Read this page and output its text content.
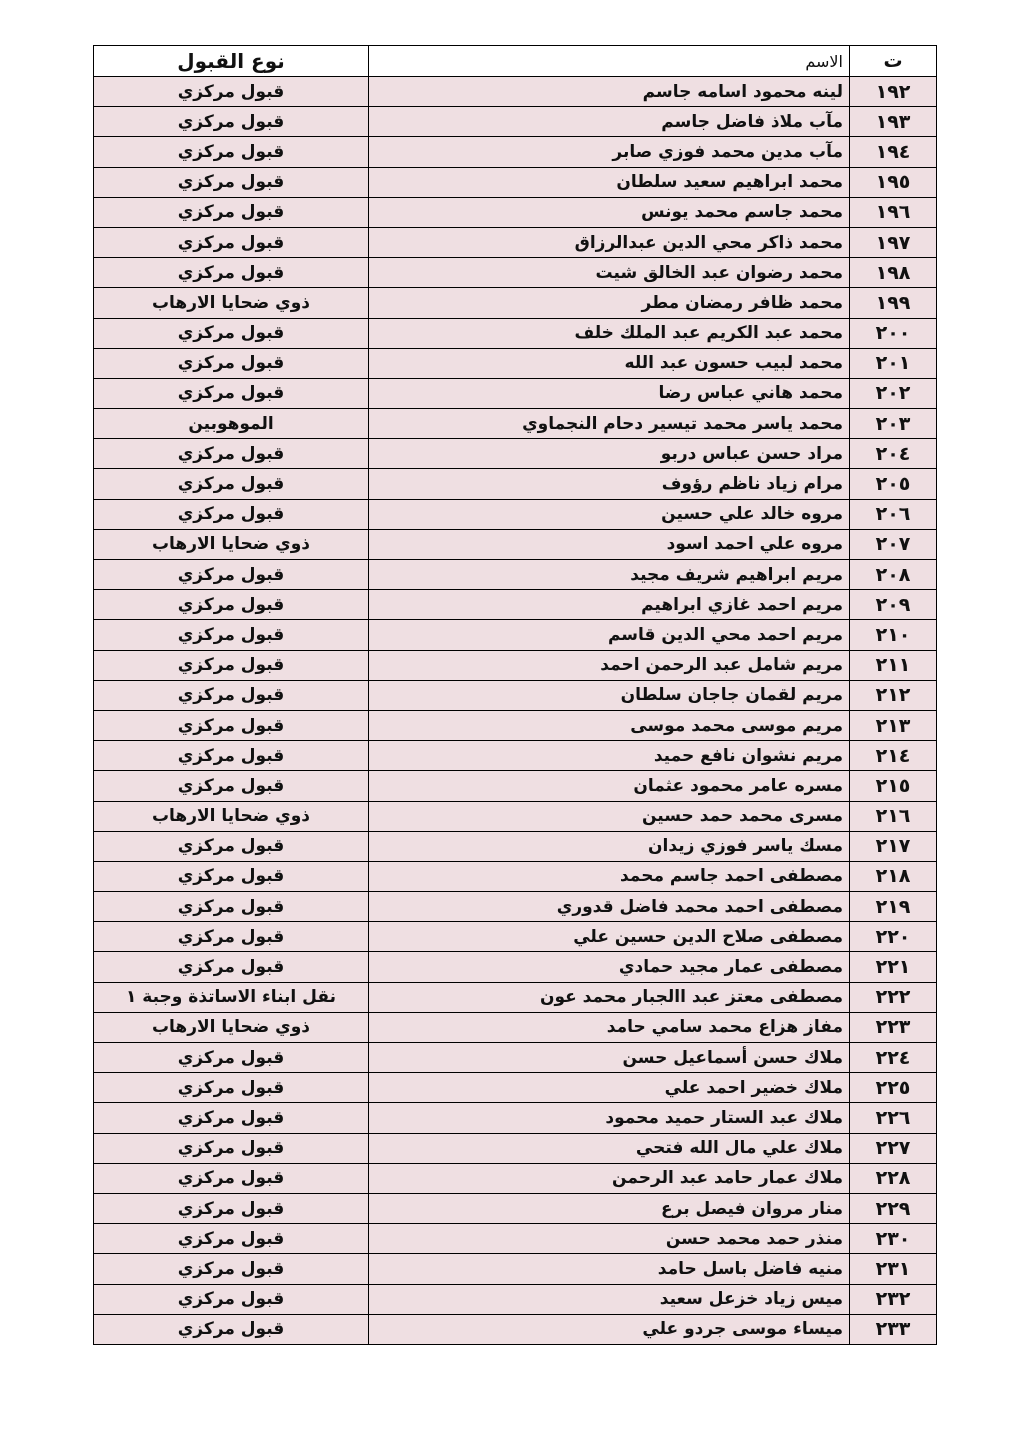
ت	الاسم	نوع القبول
١٩٢	لينه محمود اسامه جاسم	قبول مركزي
١٩٣	مآب ملاذ فاضل جاسم	قبول مركزي
١٩٤	مآب مدين محمد فوزي صابر	قبول مركزي
١٩٥	محمد ابراهيم سعيد سلطان	قبول مركزي
١٩٦	محمد جاسم محمد يونس	قبول مركزي
١٩٧	محمد ذاكر محي الدين عبدالرزاق	قبول مركزي
١٩٨	محمد رضوان عبد الخالق شيت	قبول مركزي
١٩٩	محمد ظافر رمضان مطر	ذوي ضحايا الارهاب
٢٠٠	محمد عبد الكريم عبد الملك خلف	قبول مركزي
٢٠١	محمد لبيب حسون عبد الله	قبول مركزي
٢٠٢	محمد هاني عباس رضا	قبول مركزي
٢٠٣	محمد ياسر محمد تيسير دحام النجماوي	الموهوبين
٢٠٤	مراد حسن عباس دربو	قبول مركزي
٢٠٥	مرام زياد ناظم رؤوف	قبول مركزي
٢٠٦	مروه خالد علي حسين	قبول مركزي
٢٠٧	مروه علي احمد اسود	ذوي ضحايا الارهاب
٢٠٨	مريم ابراهيم شريف مجيد	قبول مركزي
٢٠٩	مريم احمد غازي ابراهيم	قبول مركزي
٢١٠	مريم احمد محي الدين قاسم	قبول مركزي
٢١١	مريم شامل عبد الرحمن احمد	قبول مركزي
٢١٢	مريم لقمان جاجان سلطان	قبول مركزي
٢١٣	مريم موسى محمد موسى	قبول مركزي
٢١٤	مريم نشوان نافع حميد	قبول مركزي
٢١٥	مسره عامر محمود عثمان	قبول مركزي
٢١٦	مسرى محمد حمد حسين	ذوي ضحايا الارهاب
٢١٧	مسك ياسر فوزي زيدان	قبول مركزي
٢١٨	مصطفى احمد جاسم محمد	قبول مركزي
٢١٩	مصطفى احمد محمد فاضل قدوري	قبول مركزي
٢٢٠	مصطفى صلاح الدين حسين علي	قبول مركزي
٢٢١	مصطفى عمار مجيد حمادي	قبول مركزي
٢٢٢	مصطفى معتز عبد االجبار محمد عون	نقل ابناء الاساتذة وجبة ١
٢٢٣	مفاز هزاع محمد سامي حامد	ذوي ضحايا الارهاب
٢٢٤	ملاك حسن أسماعيل حسن	قبول مركزي
٢٢٥	ملاك خضير احمد علي	قبول مركزي
٢٢٦	ملاك عبد الستار حميد محمود	قبول مركزي
٢٢٧	ملاك علي مال الله فتحي	قبول مركزي
٢٢٨	ملاك عمار حامد عبد الرحمن	قبول مركزي
٢٢٩	منار مروان فيصل برع	قبول مركزي
٢٣٠	منذر حمد محمد حسن	قبول مركزي
٢٣١	منيه فاضل باسل حامد	قبول مركزي
٢٣٢	ميس زياد خزعل سعيد	قبول مركزي
٢٣٣	ميساء موسى جردو علي	قبول مركزي
